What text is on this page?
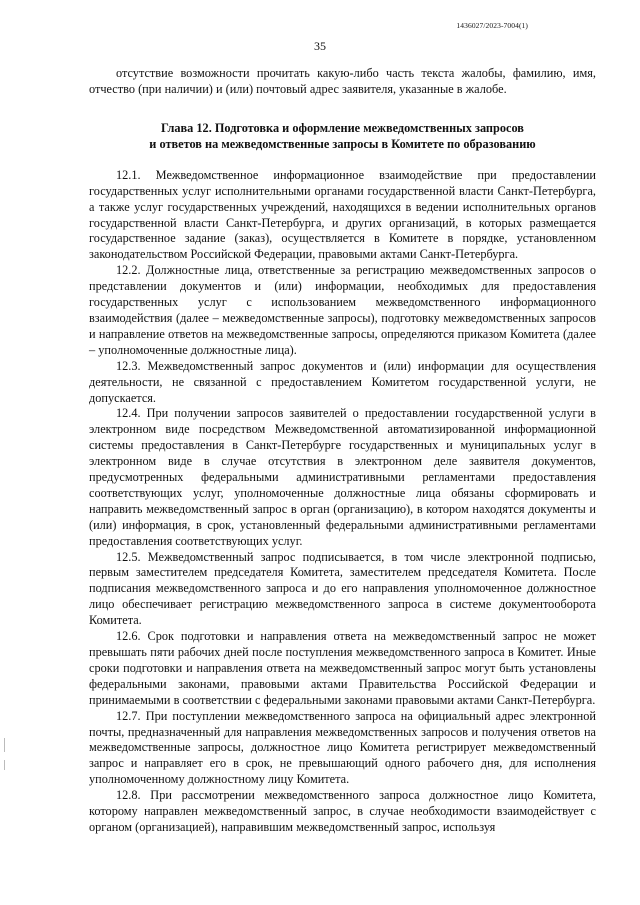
1436027/2023-7004(1)
35

отсутствие возможности прочитать какую-либо часть текста жалобы, фамилию, имя, отчество (при наличии) и (или) почтовый адрес заявителя, указанные в жалобе.

Глава 12. Подготовка и оформление межведомственных запросов
и ответов на межведомственные запросы в Комитете по образованию

12.1. Межведомственное информационное взаимодействие при предоставлении государственных услуг исполнительными органами государственной власти Санкт-Петербурга, а также услуг государственных учреждений, находящихся в ведении исполнительных органов государственной власти Санкт-Петербурга, и других организаций, в которых размещается государственное задание (заказ), осуществляется в Комитете в порядке, установленном законодательством Российской Федерации, правовыми актами Санкт-Петербурга.

12.2. Должностные лица, ответственные за регистрацию межведомственных запросов о представлении документов и (или) информации, необходимых для предоставления государственных услуг с использованием межведомственного информационного взаимодействия (далее – межведомственные запросы), подготовку межведомственных запросов и направление ответов на межведомственные запросы, определяются приказом Комитета (далее – уполномоченные должностные лица).

12.3. Межведомственный запрос документов и (или) информации для осуществления деятельности, не связанной с предоставлением Комитетом государственной услуги, не допускается.

12.4. При получении запросов заявителей о предоставлении государственной услуги в электронном виде посредством Межведомственной автоматизированной информационной системы предоставления в Санкт-Петербурге государственных и муниципальных услуг в электронном виде в случае отсутствия в электронном деле заявителя документов, предусмотренных федеральными административными регламентами предоставления соответствующих услуг, уполномоченные должностные лица обязаны сформировать и направить межведомственный запрос в орган (организацию), в котором находятся документы и (или) информация, в срок, установленный федеральными административными регламентами предоставления соответствующих услуг.

12.5. Межведомственный запрос подписывается, в том числе электронной подписью, первым заместителем председателя Комитета, заместителем председателя Комитета. После подписания межведомственного запроса и до его направления уполномоченное должностное лицо обеспечивает регистрацию межведомственного запроса в системе документооборота Комитета.

12.6. Срок подготовки и направления ответа на межведомственный запрос не может превышать пяти рабочих дней после поступления межведомственного запроса в Комитет. Иные сроки подготовки и направления ответа на межведомственный запрос могут быть установлены федеральными законами, правовыми актами Правительства Российской Федерации и принимаемыми в соответствии с федеральными законами правовыми актами Санкт-Петербурга.

12.7. При поступлении межведомственного запроса на официальный адрес электронной почты, предназначенный для направления межведомственных запросов и получения ответов на межведомственные запросы, должностное лицо Комитета регистрирует межведомственный запрос и направляет его в срок, не превышающий одного рабочего дня, для исполнения уполномоченному должностному лицу Комитета.

12.8. При рассмотрении межведомственного запроса должностное лицо Комитета, которому направлен межведомственный запрос, в случае необходимости взаимодействует с органом (организацией), направившим межведомственный запрос, используя
